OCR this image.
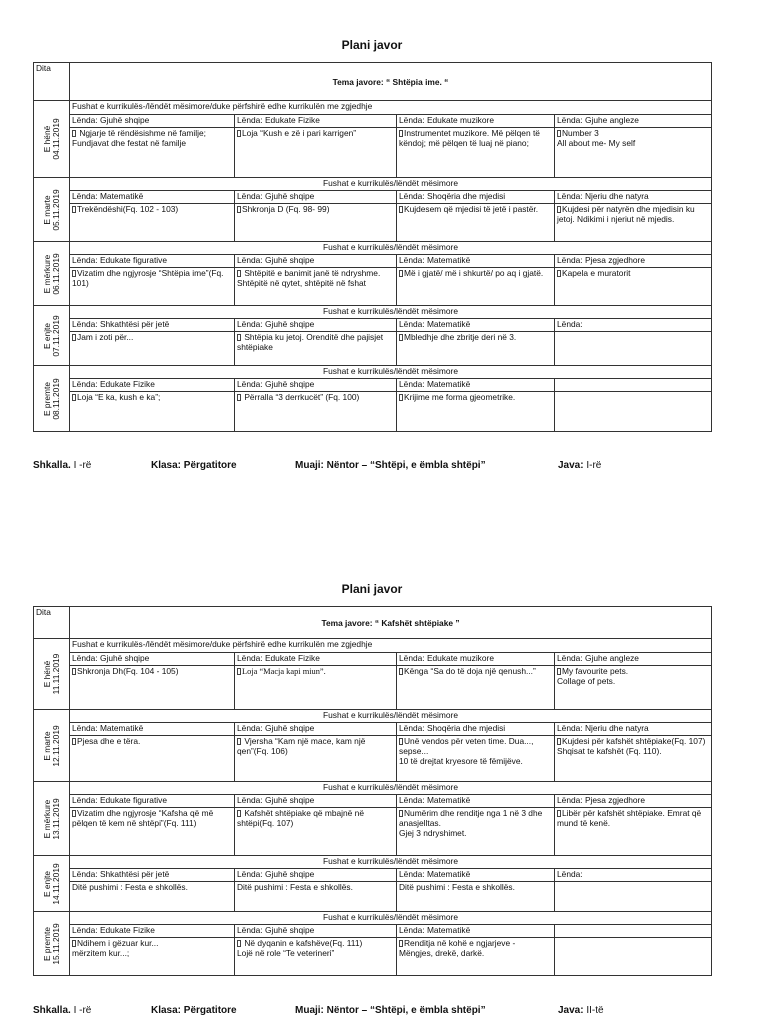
Plani javor
Dita	Tema javore: “ Shtëpia ime. “			

E hënë
04.11.2019	Fushat e kurrikulës-/lëndët mësimore/duke përfshirë edhe kurrikulën me zgjedhje			
	Lënda: Gjuhë shqipe	Lënda: Edukate Fizike	Lënda: Edukate muzikore	Lënda: Gjuhe angleze
	Ngjarje të rëndësishme në familje; Fundjavat dhe festat në familje	Loja “Kush e zë i pari karrigen”	Instrumentet muzikore. Më pëlqen të këndoj; më pëlqen të luaj në piano;	Number 3
All about me- My self

E marte
05.11.2019	Fushat e kurrikulës/lëndët mësimore			
	Lënda: Matematikë	Lënda: Gjuhë shqipe	Lënda: Shoqëria dhe mjedisi	Lënda: Njeriu dhe natyra
	Trekëndëshi(Fq. 102 - 103)	Shkronja D (Fq. 98- 99)	Kujdesem që mjedisi të jetë i pastër.	Kujdesi për natyrën dhe mjedisin ku jetoj. Ndikimi i njeriut në mjedis.

E mërkure
06.11.2019	Fushat e kurrikulës/lëndët mësimore			
	Lënda: Edukate figurative	Lënda: Gjuhë shqipe	Lënda: Matematikë	Lënda: Pjesa zgjedhore
	Vizatim dhe ngjyrosje “Shtëpia ime”(Fq. 101)	Shtëpitë e banimit janë të ndryshme. Shtëpitë në qytet, shtëpitë në fshat	Më i gjatë/ më i shkurtë/ po aq i gjatë.	Kapela e muratorit

E enjte
07.11.2019	Fushat e kurrikulës/lëndët mësimore			
	Lënda: Shkathtësi për jetë	Lënda: Gjuhë shqipe	Lënda: Matematikë	Lënda:
	Jam i zoti për...	Shtëpia ku jetoj. Orenditë dhe pajisjet shtëpiake	Mbledhje dhe zbritje deri në 3.	

E premte
08.11.2019	Fushat e kurrikulës/lëndët mësimore			
	Lënda: Edukate Fizike	Lënda: Gjuhë shqipe	Lënda: Matematikë	
	Loja “E ka, kush e ka”;	Përralla “3 derrkucët” (Fq. 100)	Krijime me forma gjeometrike.	
Shkalla. I -rë	Klasa: Përgatitore	Muaji: Nëntor – “Shtëpi, e ëmbla shtëpi”	Java: I-rë
Plani javor
Dita	Tema javore: “ Kafshët shtëpiake ”			

E hënë
11.11.2019	Fushat e kurrikulës-/lëndët mësimore/duke përfshirë edhe kurrikulën me zgjedhje			
	Lënda: Gjuhë shqipe	Lënda: Edukate Fizike	Lënda: Edukate muzikore	Lënda: Gjuhe angleze
	Shkronja Dh(Fq. 104 - 105)	Loja “Macja kapi miun”.	Kënga “Sa do të doja një qenush...”	My favourite pets.
Collage of pets.

E marte
12.11.2019	Fushat e kurrikulës/lëndët mësimore			
	Lënda: Matematikë	Lënda: Gjuhë shqipe	Lënda: Shoqëria dhe mjedisi	Lënda: Njeriu dhe natyra
	Pjesa dhe e tëra.	Vjersha “Kam një mace, kam një qen”(Fq. 106)	Unë vendos për veten time. Dua..., sepse...
10 të drejtat kryesore të fëmijëve.	Kujdesi për kafshët shtëpiake(Fq. 107) Shqisat te kafshët (Fq. 110).

E mërkure
13.11.2019	Fushat e kurrikulës/lëndët mësimore			
	Lënda: Edukate figurative	Lënda: Gjuhë shqipe	Lënda: Matematikë	Lënda: Pjesa zgjedhore
	Vizatim dhe ngjyrosje “Kafsha që më pëlqen të kem në shtëpi”(Fq. 111)	Kafshët shtëpiake që mbajnë në shtëpi(Fq. 107)	Numërim dhe renditje nga 1 në 3 dhe anasjelltas.
Gjej 3 ndryshimet.	Libër për kafshët shtëpiake. Emrat që mund të kenë.

E enjte
14.11.2019	Fushat e kurrikulës/lëndët mësimore			
	Lënda: Shkathtësi për jetë	Lënda: Gjuhë shqipe	Lënda: Matematikë	Lënda:
	Ditë pushimi : Festa e shkollës.	Ditë pushimi : Festa e shkollës.	Ditë pushimi : Festa e shkollës.	

E premte
15.11.2019	Fushat e kurrikulës/lëndët mësimore			
	Lënda: Edukate Fizike	Lënda: Gjuhë shqipe	Lënda: Matematikë	
	Ndihem i gëzuar kur...
mërzitem kur...;	Në dyqanin e kafshëve(Fq. 111)
Lojë në role “Te veterineri”	Renditja në kohë e ngjarjeve -
Mëngjes, drekë, darkë.	
Shkalla. I -rë	Klasa: Përgatitore	Muaji: Nëntor – “Shtëpi, e ëmbla shtëpi”	Java: II-të
